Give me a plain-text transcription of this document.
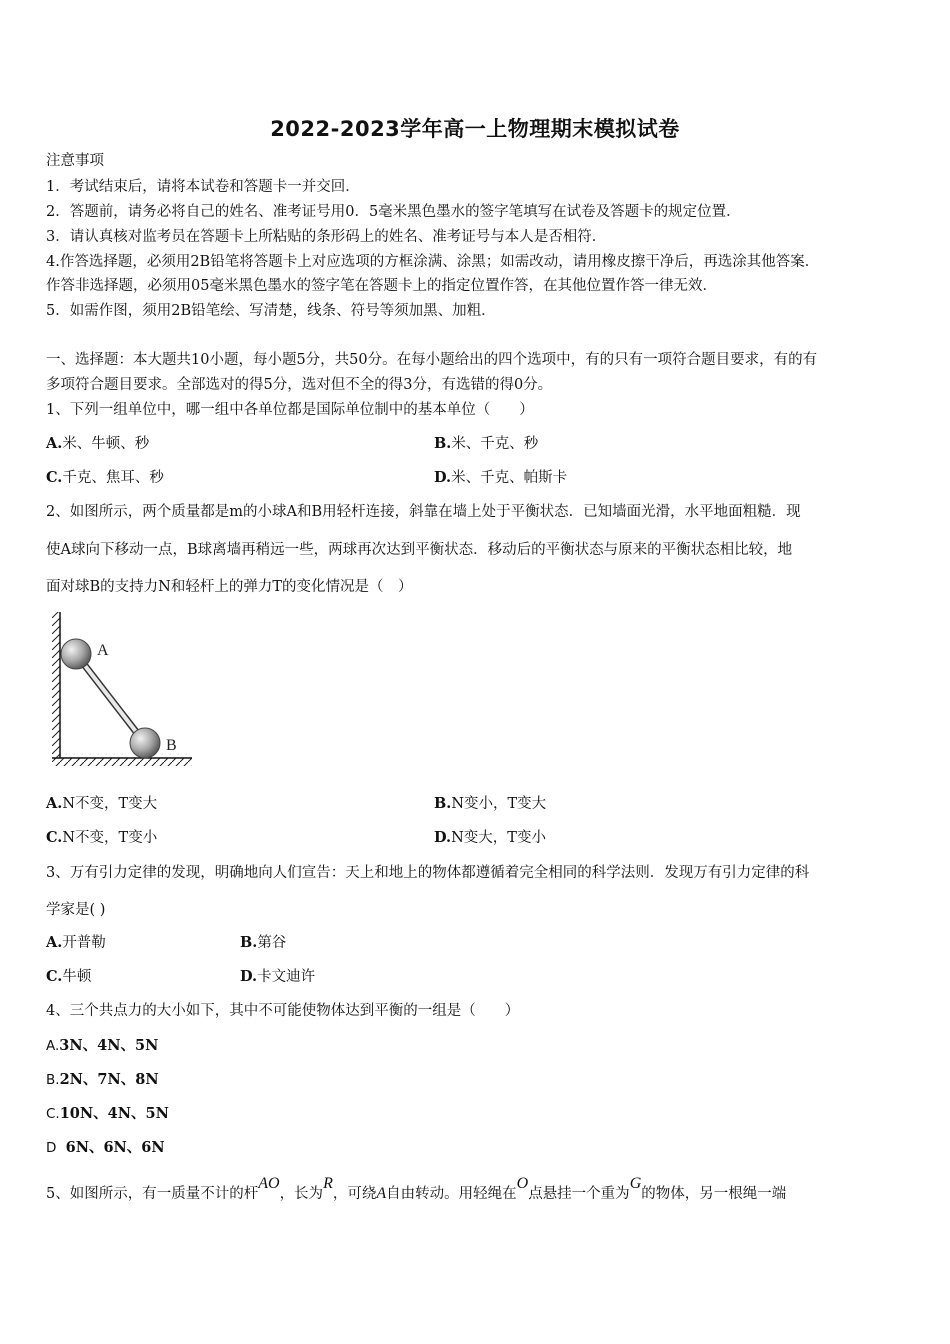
2022-2023学年高一上物理期末模拟试卷
注意事项
1．考试结束后，请将本试卷和答题卡一并交回．
2．答题前，请务必将自己的姓名、准考证号用0．5毫米黑色墨水的签字笔填写在试卷及答题卡的规定位置．
3．请认真核对监考员在答题卡上所粘贴的条形码上的姓名、准考证号与本人是否相符．
4.作答选择题，必须用2B铅笔将答题卡上对应选项的方框涂满、涂黑；如需改动，请用橡皮擦干净后，再选涂其他答案．
作答非选择题，必须用05毫米黑色墨水的签字笔在答题卡上的指定位置作答，在其他位置作答一律无效．
5．如需作图，须用2B铅笔绘、写清楚，线条、符号等须加黑、加粗．
一、选择题：本大题共10小题，每小题5分，共50分。在每小题给出的四个选项中，有的只有一项符合题目要求，有的有
多项符合题目要求。全部选对的得5分，选对但不全的得3分，有选错的得0分。
1、下列一组单位中，哪一组中各单位都是国际单位制中的基本单位（　　）
A.米、牛顿、秒	B.米、千克、秒
C.千克、焦耳、秒	D.米、千克、帕斯卡
2、如图所示，两个质量都是m的小球A和B用轻杆连接，斜靠在墙上处于平衡状态．已知墙面光滑，水平地面粗糙．现
使A球向下移动一点，B球离墙再稍远一些，两球再次达到平衡状态．移动后的平衡状态与原来的平衡状态相比较，地
面对球B的支持力N和轻杆上的弹力T的变化情况是（　）
A
B
A.N不变，T变大	B.N变小，T变大
C.N不变，T变小	D.N变大，T变小
3、万有引力定律的发现，明确地向人们宣告：天上和地上的物体都遵循着完全相同的科学法则．发现万有引力定律的科
学家是( )
A.开普勒	B.第谷
C.牛顿	D.卡文迪许
4、三个共点力的大小如下，其中不可能使物体达到平衡的一组是（　　）
A.3N、4N、5N
B.2N、7N、8N
C.10N、4N、5N
D 6N、6N、6N
5、如图所示，有一质量不计的杆AO，长为R，可绕A自由转动。用轻绳在O点悬挂一个重为G的物体，另一根绳一端
